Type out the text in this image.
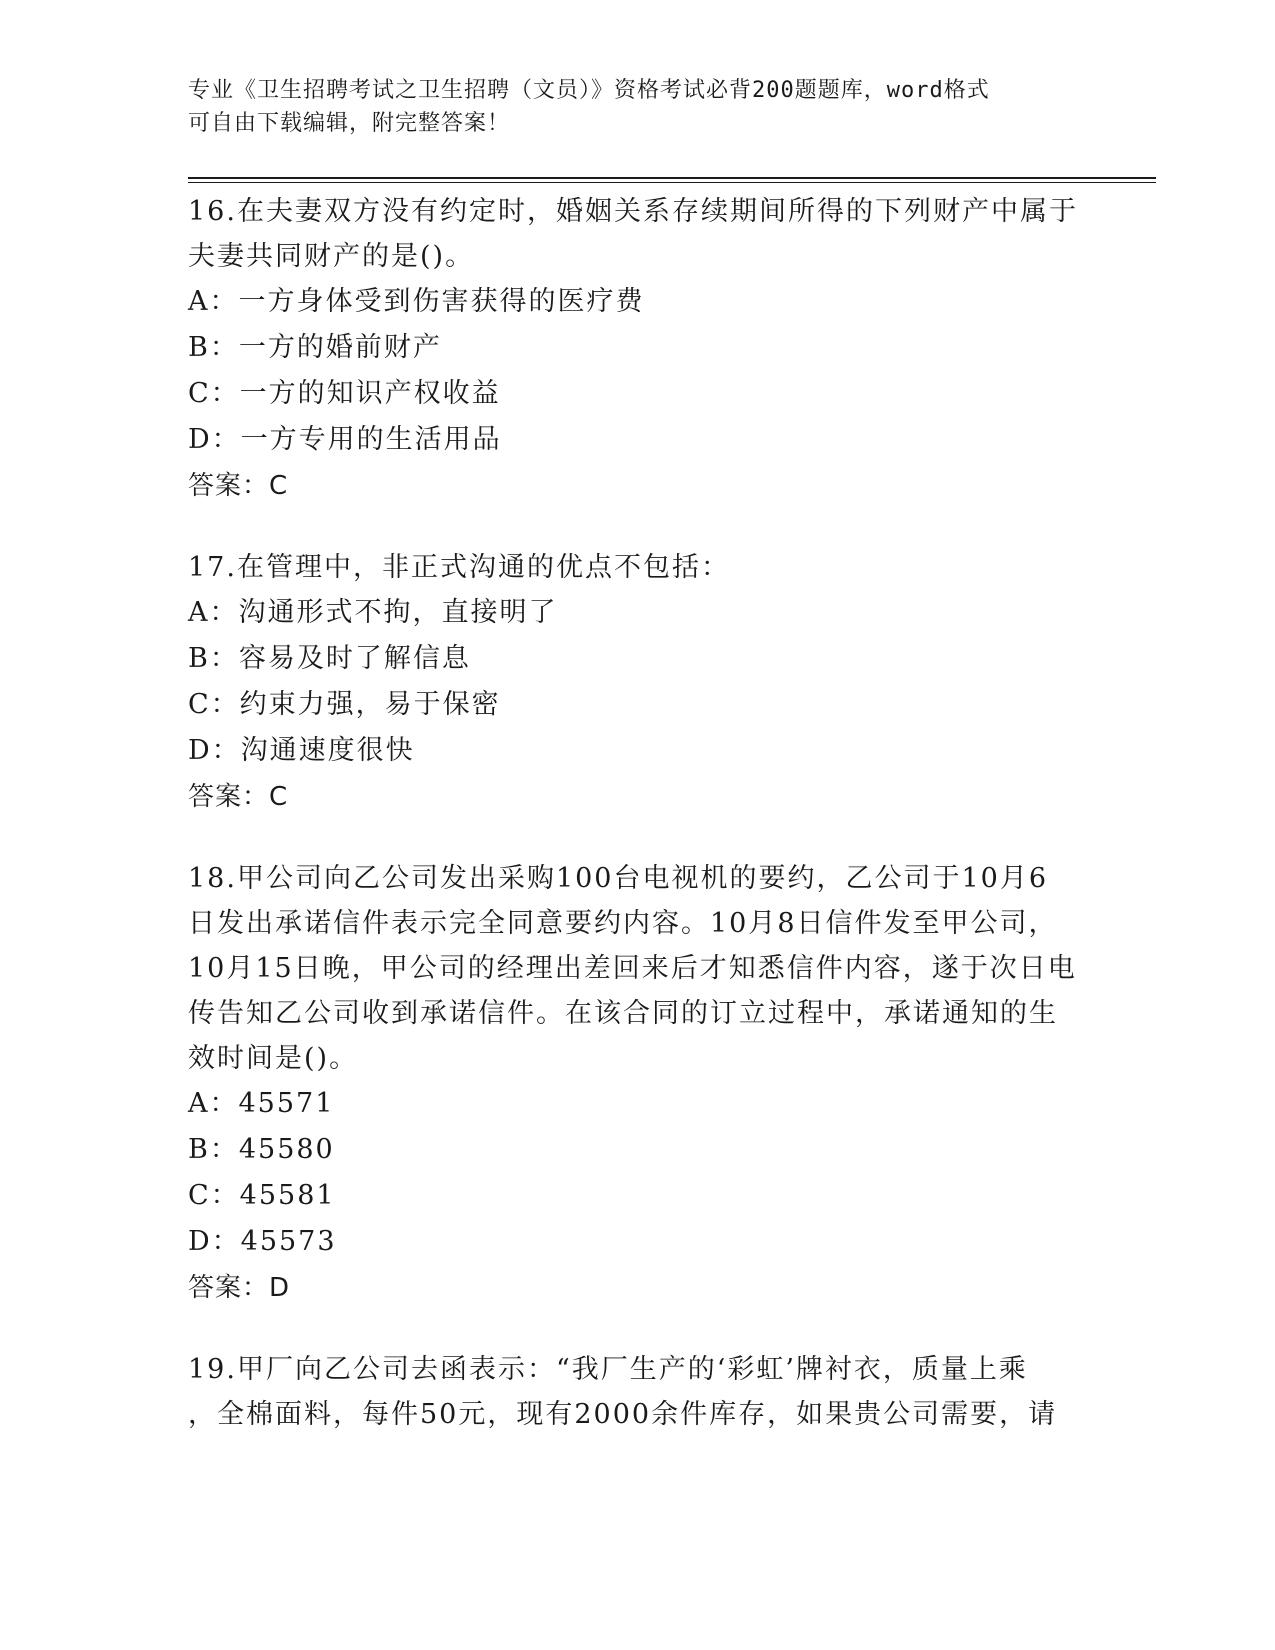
专业《卫生招聘考试之卫生招聘（文员）》资格考试必背200题题库，word格式
可自由下载编辑，附完整答案！

16.在夫妻双方没有约定时，婚姻关系存续期间所得的下列财产中属于

夫妻共同财产的是()。

A：一方身体受到伤害获得的医疗费

B：一方的婚前财产

C：一方的知识产权收益

D：一方专用的生活用品

答案：C

17.在管理中，非正式沟通的优点不包括：

A：沟通形式不拘，直接明了

B：容易及时了解信息

C：约束力强，易于保密

D：沟通速度很快

答案：C

18.甲公司向乙公司发出采购100台电视机的要约，乙公司于10月6

日发出承诺信件表示完全同意要约内容。10月8日信件发至甲公司，

10月15日晚，甲公司的经理出差回来后才知悉信件内容，遂于次日电

传告知乙公司收到承诺信件。在该合同的订立过程中，承诺通知的生

效时间是()。

A：45571

B：45580

C：45581

D：45573

答案：D

19.甲厂向乙公司去函表示：“我厂生产的‘彩虹’牌衬衣，质量上乘

，全棉面料，每件50元，现有2000余件库存，如果贵公司需要，请
